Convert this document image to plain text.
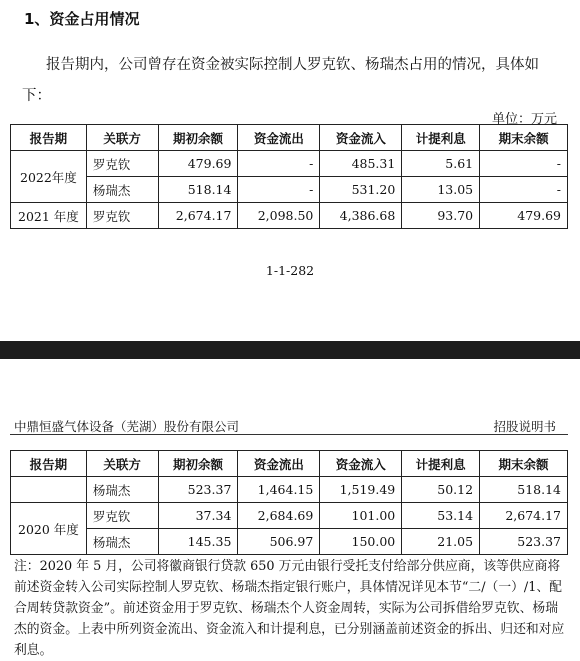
1、资金占用情况
报告期内，公司曾存在资金被实际控制人罗克钦、杨瑞杰占用的情况，具体如下：
单位：万元
报告期	关联方	期初余额	资金流出	资金流入	计提利息	期末余额
2022年度	罗克钦	479.69	-	485.31	5.61	-
	杨瑞杰	518.14	-	531.20	13.05	-
2021 年度	罗克钦	2,674.17	2,098.50	4,386.68	93.70	479.69
1-1-282
中鼎恒盛气体设备（芜湖）股份有限公司	招股说明书
报告期	关联方	期初余额	资金流出	资金流入	计提利息	期末余额
	杨瑞杰	523.37	1,464.15	1,519.49	50.12	518.14
2020 年度	罗克钦	37.34	2,684.69	101.00	53.14	2,674.17
	杨瑞杰	145.35	506.97	150.00	21.05	523.37
注：2020 年 5 月，公司将徽商银行贷款 650 万元由银行受托支付给部分供应商，该等供应商将前述资金转入公司实际控制人罗克钦、杨瑞杰指定银行账户，具体情况详见本节“二/（一）/1、配合周转贷款资金”。前述资金用于罗克钦、杨瑞杰个人资金周转，实际为公司拆借给罗克钦、杨瑞杰的资金。上表中所列资金流出、资金流入和计提利息，已分别涵盖前述资金的拆出、归还和对应利息。
